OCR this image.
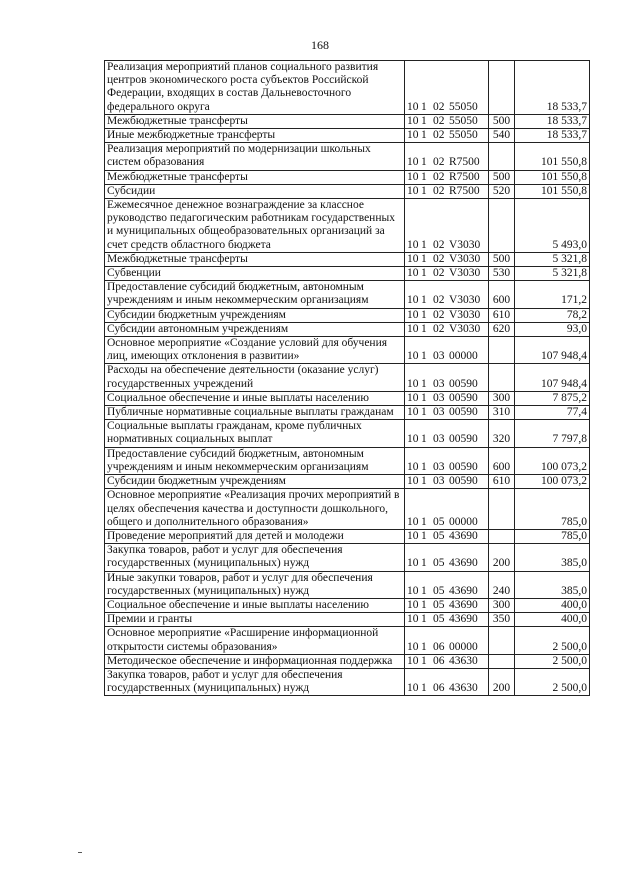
168
Реализация мероприятий планов социального развития центров экономического роста субъектов Российской Федерации, входящих в состав Дальневосточного федерального округа	10 1 02 55050		18 533,7
Межбюджетные трансферты	10 1 02 55050	500	18 533,7
Иные межбюджетные трансферты	10 1 02 55050	540	18 533,7
Реализация мероприятий по модернизации школьных систем образования	10 1 02 R7500		101 550,8
Межбюджетные трансферты	10 1 02 R7500	500	101 550,8
Субсидии	10 1 02 R7500	520	101 550,8
Ежемесячное денежное вознаграждение за классное руководство педагогическим работникам государственных и муниципальных общеобразовательных организаций за счет средств областного бюджета	10 1 02 V3030		5 493,0
Межбюджетные трансферты	10 1 02 V3030	500	5 321,8
Субвенции	10 1 02 V3030	530	5 321,8
Предоставление субсидий бюджетным, автономным учреждениям и иным некоммерческим организациям	10 1 02 V3030	600	171,2
Субсидии бюджетным учреждениям	10 1 02 V3030	610	78,2
Субсидии автономным учреждениям	10 1 02 V3030	620	93,0
Основное мероприятие «Создание условий для обучения лиц, имеющих отклонения в развитии»	10 1 03 00000		107 948,4
Расходы на обеспечение деятельности (оказание услуг) государственных учреждений	10 1 03 00590		107 948,4
Социальное обеспечение и иные выплаты населению	10 1 03 00590	300	7 875,2
Публичные нормативные социальные выплаты гражданам	10 1 03 00590	310	77,4
Социальные выплаты гражданам, кроме публичных нормативных социальных выплат	10 1 03 00590	320	7 797,8
Предоставление субсидий бюджетным, автономным учреждениям и иным некоммерческим организациям	10 1 03 00590	600	100 073,2
Субсидии бюджетным учреждениям	10 1 03 00590	610	100 073,2
Основное мероприятие «Реализация прочих мероприятий в целях обеспечения качества и доступности дошкольного, общего и дополнительного образования»	10 1 05 00000		785,0
Проведение мероприятий для детей и молодежи	10 1 05 43690		785,0
Закупка товаров, работ и услуг для обеспечения государственных (муниципальных) нужд	10 1 05 43690	200	385,0
Иные закупки товаров, работ и услуг для обеспечения государственных (муниципальных) нужд	10 1 05 43690	240	385,0
Социальное обеспечение и иные выплаты населению	10 1 05 43690	300	400,0
Премии и гранты	10 1 05 43690	350	400,0
Основное мероприятие «Расширение информационной открытости системы образования»	10 1 06 00000		2 500,0
Методическое обеспечение и информационная поддержка	10 1 06 43630		2 500,0
Закупка товаров, работ и услуг для обеспечения государственных (муниципальных) нужд	10 1 06 43630	200	2 500,0
